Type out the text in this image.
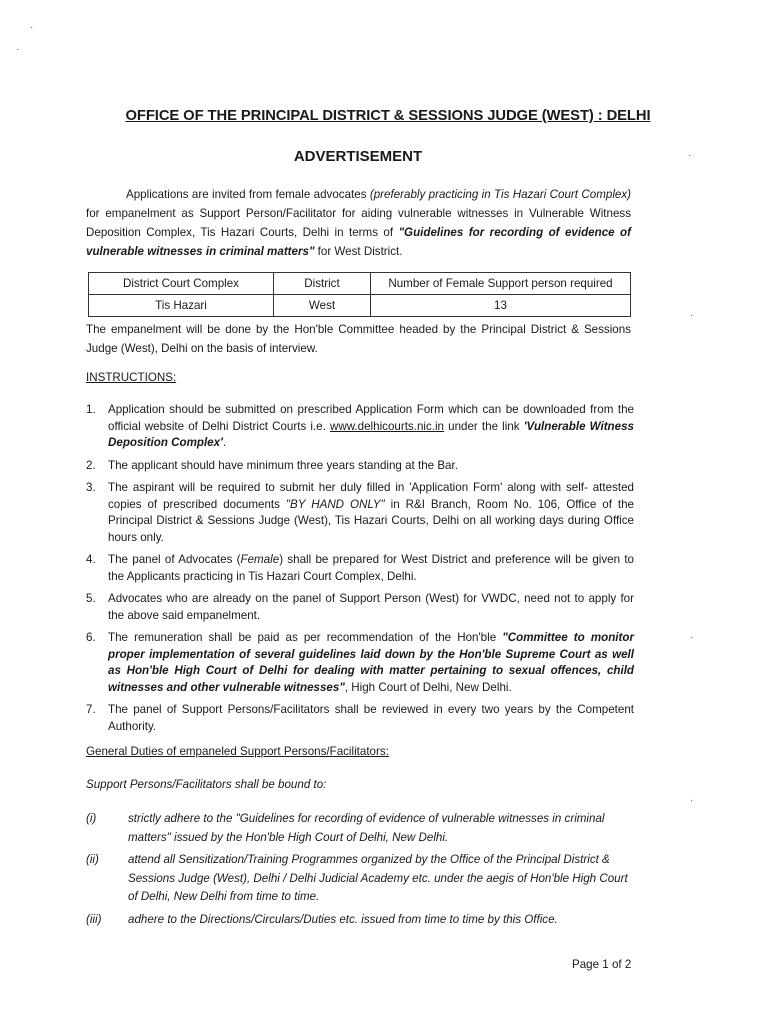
·
·
·
·
·
·
OFFICE OF THE PRINCIPAL DISTRICT & SESSIONS JUDGE (WEST) : DELHI
ADVERTISEMENT
Applications are invited from female advocates (preferably practicing in Tis Hazari Court Complex) for empanelment as Support Person/Facilitator for aiding vulnerable witnesses in Vulnerable Witness Deposition Complex, Tis Hazari Courts, Delhi in terms of "Guidelines for recording of evidence of vulnerable witnesses in criminal matters" for West District.
District Court Complex	District	Number of Female Support person required
Tis Hazari	West	13
The empanelment will be done by the Hon'ble Committee headed by the Principal District & Sessions Judge (West), Delhi on the basis of interview.
INSTRUCTIONS:
1. Application should be submitted on prescribed Application Form which can be downloaded from the official website of Delhi District Courts i.e. www.delhicourts.nic.in under the link 'Vulnerable Witness Deposition Complex'.
2. The applicant should have minimum three years standing at the Bar.
3. The aspirant will be required to submit her duly filled in 'Application Form' along with self- attested copies of prescribed documents "BY HAND ONLY" in R&I Branch, Room No. 106, Office of the Principal District & Sessions Judge (West), Tis Hazari Courts, Delhi on all working days during Office hours only.
4. The panel of Advocates (Female) shall be prepared for West District and preference will be given to the Applicants practicing in Tis Hazari Court Complex, Delhi.
5. Advocates who are already on the panel of Support Person (West) for VWDC, need not to apply for the above said empanelment.
6. The remuneration shall be paid as per recommendation of the Hon'ble "Committee to monitor proper implementation of several guidelines laid down by the Hon'ble Supreme Court as well as Hon'ble High Court of Delhi for dealing with matter pertaining to sexual offences, child witnesses and other vulnerable witnesses", High Court of Delhi, New Delhi.
7. The panel of Support Persons/Facilitators shall be reviewed in every two years by the Competent Authority.
General Duties of empaneled Support Persons/Facilitators:
Support Persons/Facilitators shall be bound to:
(i)	strictly adhere to the "Guidelines for recording of evidence of vulnerable witnesses in criminal matters" issued by the Hon'ble High Court of Delhi, New Delhi.
(ii)	attend all Sensitization/Training Programmes organized by the Office of the Principal District & Sessions Judge (West), Delhi / Delhi Judicial Academy etc. under the aegis of Hon'ble High Court of Delhi, New Delhi from time to time.
(iii) adhere to the Directions/Circulars/Duties etc. issued from time to time by this Office.
Page 1 of 2
